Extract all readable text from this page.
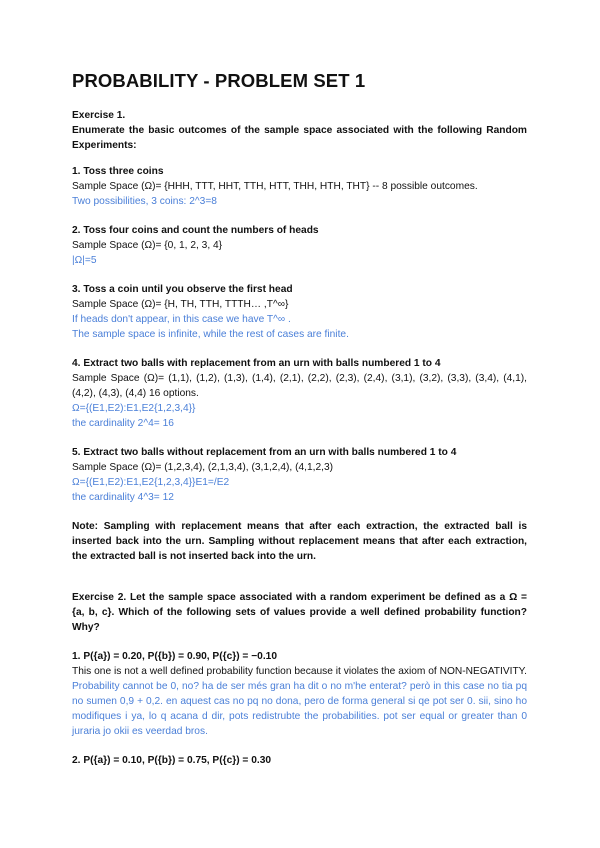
PROBABILITY - PROBLEM SET 1

Exercise 1.

Enumerate the basic outcomes of the sample space associated with the following Random Experiments:

1. Toss three coins

Sample Space (Ω)= {HHH, TTT, HHT, TTH, HTT, THH, HTH, THT} -- 8 possible outcomes.

Two possibilities, 3 coins: 2^3=8

2. Toss four coins and count the numbers of heads

Sample Space (Ω)= {0, 1, 2, 3, 4}

|Ω|=5

3. Toss a coin until you observe the first head

Sample Space (Ω)= {H, TH, TTH, TTTH… ,T^∞}

If heads don't appear, in this case we have T^∞ .

The sample space is infinite, while the rest of cases are finite.

4. Extract two balls with replacement from an urn with balls numbered 1 to 4

Sample Space (Ω)= (1,1), (1,2), (1,3), (1,4), (2,1), (2,2), (2,3), (2,4), (3,1), (3,2), (3,3), (3,4), (4,1), (4,2), (4,3), (4,4) 16 options.

Ω={(E1,E2):E1,E2{1,2,3,4}}

the cardinality 2^4= 16

5. Extract two balls without replacement from an urn with balls numbered 1 to 4

Sample Space (Ω)= (1,2,3,4), (2,1,3,4), (3,1,2,4), (4,1,2,3)

Ω={(E1,E2):E1,E2{1,2,3,4}}E1=/E2

the cardinality 4^3= 12

Note: Sampling with replacement means that after each extraction, the extracted ball is inserted back into the urn. Sampling without replacement means that after each extraction, the extracted ball is not inserted back into the urn.

Exercise 2. Let the sample space associated with a random experiment be defined as a Ω = {a, b, c}. Which of the following sets of values provide a well defined probability function? Why?

1. P({a}) = 0.20, P({b}) = 0.90, P({c}) = −0.10

This one is not a well defined probability function because it violates the axiom of NON-NEGATIVITY. Probability cannot be 0, no? ha de ser més gran ha dit o no m'he enterat? però in this case no tia pq no sumen 0,9 + 0,2. en aquest cas no pq no dona, pero de forma general si qe pot ser 0. sii, sino ho modifiques i ya, lo q acana d dir, pots redistrubte the probabilities. pot ser equal or greater than 0 juraria jo okii es veerdad bros.

2. P({a}) = 0.10, P({b}) = 0.75, P({c}) = 0.30
